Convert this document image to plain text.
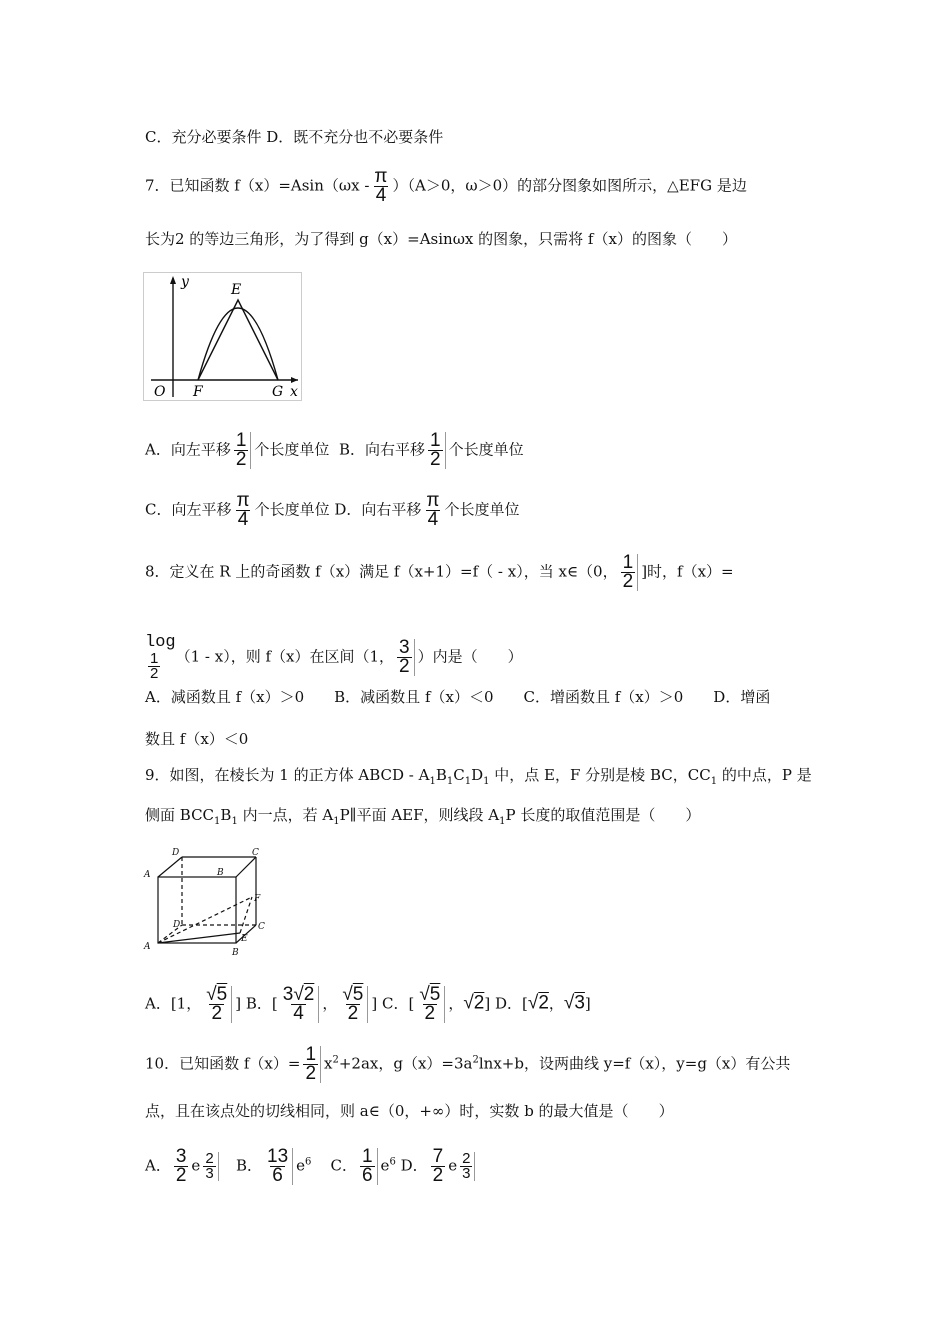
C．充分必要条件 D．既不充分也不必要条件
7．已知函数 $f(x)=Asin(\omega x - \frac{\pi}{4} )(A>0$，ω＞0）的部分图象如图所示，△EFG 是边
长为2 的等边三角形，为了得到 g（x）=Asinωx 的图象，只需将 f（x）的图象（　　）
y	E
O F	G x
A．向左平移 $\frac{1}{2}$ 个长度单位 B．向右平移 $\frac{1}{2}$ 个长度单位
C．向左平移 $\frac{\pi}{4}$ 个长度单位 D．向右平移 $\frac{\pi}{4}$ 个长度单位
8．定义在 R 上的奇函数 f（x）满足 f（x+1）=f（ - x），当 x∈（0， $\frac{1}{2}$ ]时，f（x）=
log
$\frac{1}{2} (1 - x)$，则 f（x）在区间（1， $\frac{3}{2}$ ）内是（　　）
A．减函数且 f（x）＞0　　B．减函数且 f（x）＜0　　C．增函数且 f（x）＞0　　D．增函
数且 f（x）＜0
9．如图，在棱长为 1 的正方体 ABCD - $A_1B_1C_1D_1$ 中，点 E，F 分别是棱 BC，$CC_1$ 的中点，P 是
侧面 $BCC_1B_1$ 内一点，若 $A_1P\parallel$平面 AEF，则线段 $A_1P$ 长度的取值范围是（　　）
D	C
A	B
F
D	C
A
E
B
A．[1， $\frac{√5}{2}$ ] B．[ $\frac{3√2}{4}$ ， $\frac{√5}{2}$ ] C．[ $\frac{√5}{2}$ ，√2] D．[√2，√3]
10．已知函数 $f(x)= \frac{1}{2} x^2+2ax$，$g(x)=3a^2\ln x+b$，设两曲线 y=f（x），y=g（x）有公共
点，且在该点处的切线相同，则 a∈（0，+∞）时，实数 b 的最大值是（　　）
A． $\frac{3}{2}$ e $\frac{2}{3}$ B． $\frac{13}{6} e^6$ C． $\frac{1}{6} e^6$ D． $\frac{7}{2}$ e $\frac{2}{3}$
